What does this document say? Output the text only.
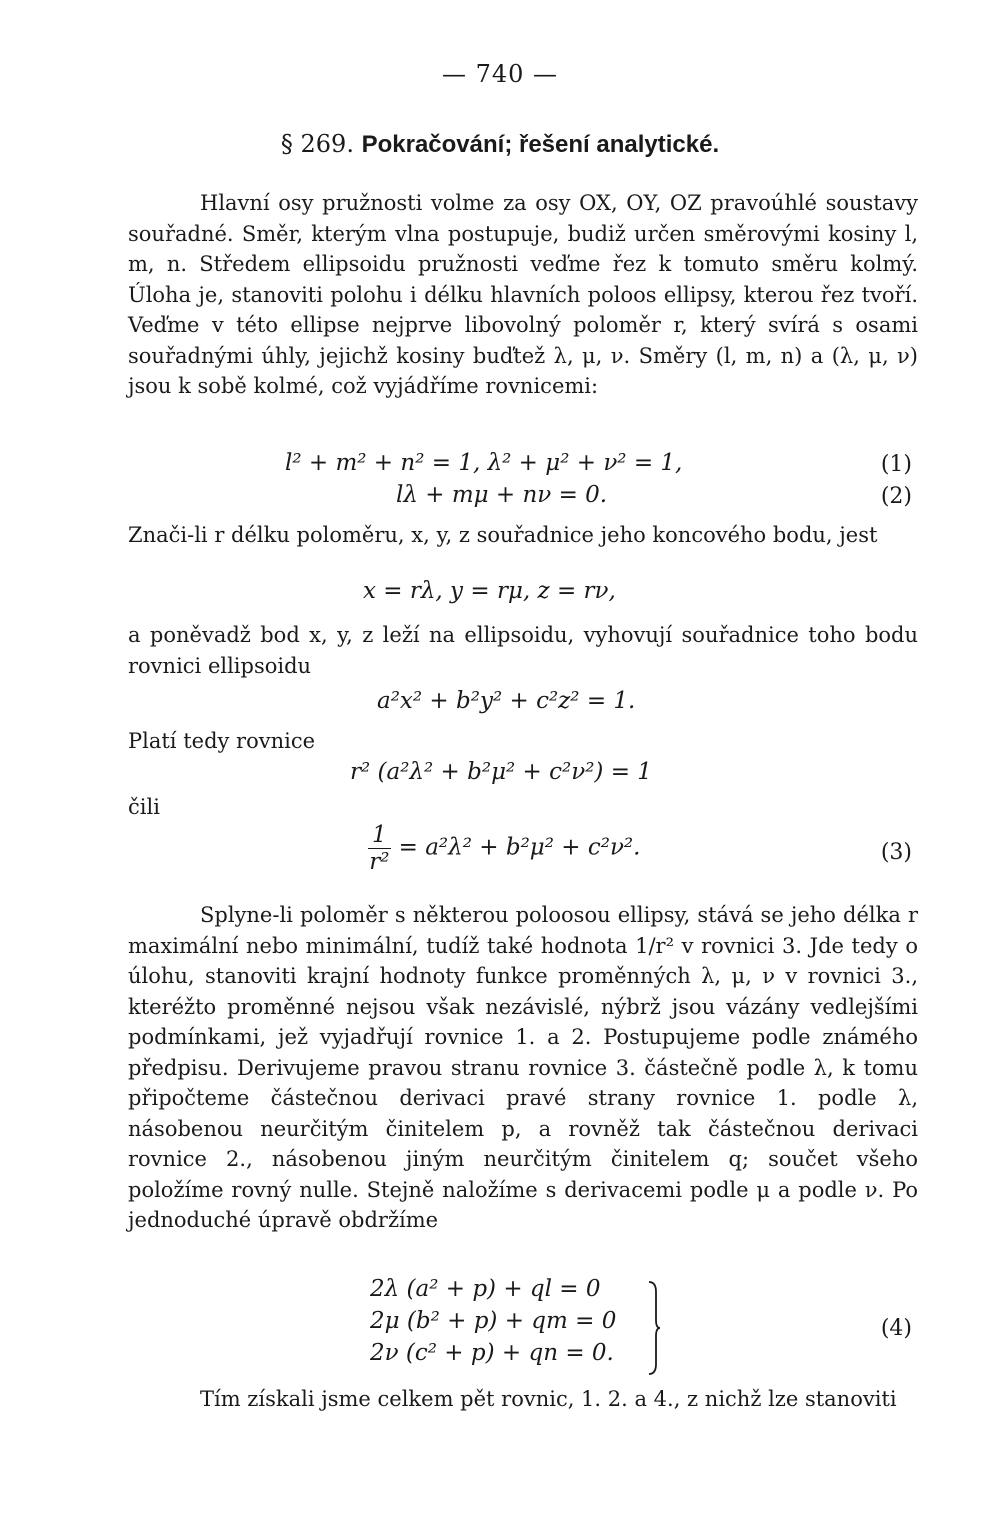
— 740 —
§ 269. Pokračování; řešení analytické.

Hlavní osy pružnosti volme za osy OX, OY, OZ pravoúhlé soustavy souřadné. Směr, kterým vlna postupuje, budiž určen směrovými kosiny l, m, n. Středem ellipsoidu pružnosti veďme řez k tomuto směru kolmý. Úloha je, stanoviti polohu i délku hlavních poloos ellipsy, kterou řez tvoří. Veďme v této ellipse nejprve libovolný poloměr r, který svírá s osami souřadnými úhly, jejichž kosiny buďtež λ, μ, ν. Směry (l, m, n) a (λ, μ, ν) jsou k sobě kolmé, což vyjádříme rovnicemi:

l² + m² + n² = 1, λ² + μ² + ν² = 1,	(1)
lλ + mμ + nν = 0.	(2)

Znači-li r délku poloměru, x, y, z souřadnice jeho koncového bodu, jest

x = rλ, y = rμ, z = rν,

a poněvadž bod x, y, z leží na ellipsoidu, vyhovují souřadnice toho bodu rovnici ellipsoidu

a²x² + b²y² + c²z² = 1.

Platí tedy rovnice

r² (a²λ² + b²μ² + c²ν²) = 1

čili

$\frac{1}{\text{r²}} = a^2\lambda^2 + b^2\mu^2 + c^2\nu^2$.	(3)

Splyne-li poloměr s některou poloosou ellipsy, stává se jeho délka r maximální nebo minimální, tudíž také hodnota 1/r² v rovnici 3. Jde tedy o úlohu, stanoviti krajní hodnoty funkce proměnných λ, μ, ν v rovnici 3., kteréžto proměnné nejsou však nezávislé, nýbrž jsou vázány vedlejšími podmínkami, jež vyjadřují rovnice 1. a 2. Postupujeme podle známého předpisu. Derivujeme pravou stranu rovnice 3. částečně podle λ, k tomu připočteme částečnou derivaci pravé strany rovnice 1. podle λ, násobenou neurčitým činitelem p, a rovněž tak částečnou derivaci rovnice 2., násobenou jiným neurčitým činitelem q; součet všeho položíme rovný nulle. Stejně naložíme s derivacemi podle μ a podle ν. Po jednoduché úpravě obdržíme

2λ (a² + p) + ql = 0
2μ (b² + p) + qm = 0
2ν (c² + p) + qn = 0.
(4)

Tím získali jsme celkem pět rovnic, 1. 2. a 4., z nichž lze stanoviti
